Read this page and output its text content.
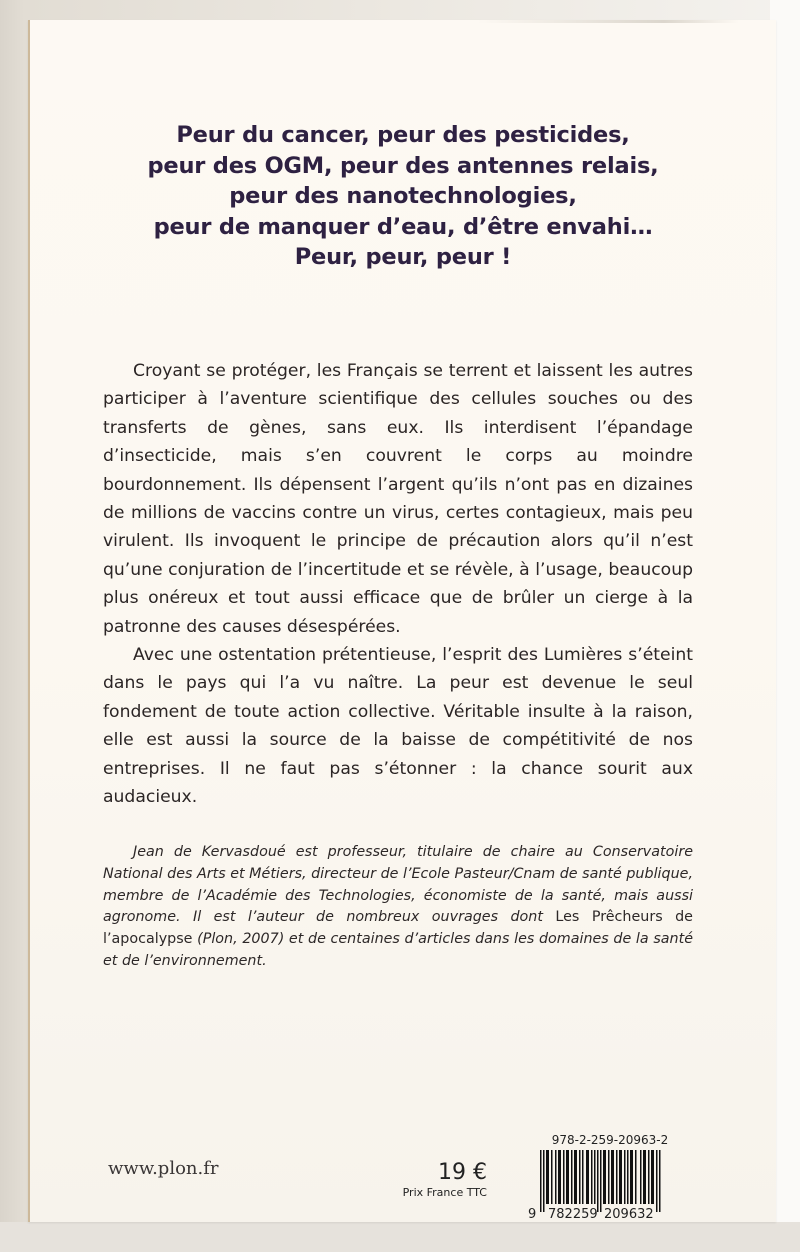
Peur du cancer, peur des pesticides,
peur des OGM, peur des antennes relais,
peur des nanotechnologies,
peur de manquer d’eau, d’être envahi…
Peur, peur, peur !

Croyant se protéger, les Français se terrent et laissent les autres participer à l’aventure scientifique des cellules souches ou des transferts de gènes, sans eux. Ils interdisent l’épandage d’insecticide, mais s’en couvrent le corps au moindre bourdonnement. Ils dépensent l’argent qu’ils n’ont pas en dizaines de millions de vaccins contre un virus, certes contagieux, mais peu virulent. Ils invoquent le principe de précaution alors qu’il n’est qu’une conjuration de l’incertitude et se révèle, à l’usage, beaucoup plus onéreux et tout aussi efficace que de brûler un cierge à la patronne des causes désespérées.

Avec une ostentation prétentieuse, l’esprit des Lumières s’éteint dans le pays qui l’a vu naître. La peur est devenue le seul fondement de toute action collective. Véritable insulte à la raison, elle est aussi la source de la baisse de compétitivité de nos entreprises. Il ne faut pas s’étonner : la chance sourit aux audacieux.

Jean de Kervasdoué est professeur, titulaire de chaire au Conservatoire National des Arts et Métiers, directeur de l’Ecole Pasteur/Cnam de santé publique, membre de l’Académie des Technologies, économiste de la santé, mais aussi agronome. Il est l’auteur de nombreux ouvrages dont Les Prêcheurs de l’apocalypse (Plon, 2007) et de centaines d’articles dans les domaines de la santé et de l’environnement.

www.plon.fr	19 €
Prix France TTC
978-2-259-20963-2
9 782259 209632
